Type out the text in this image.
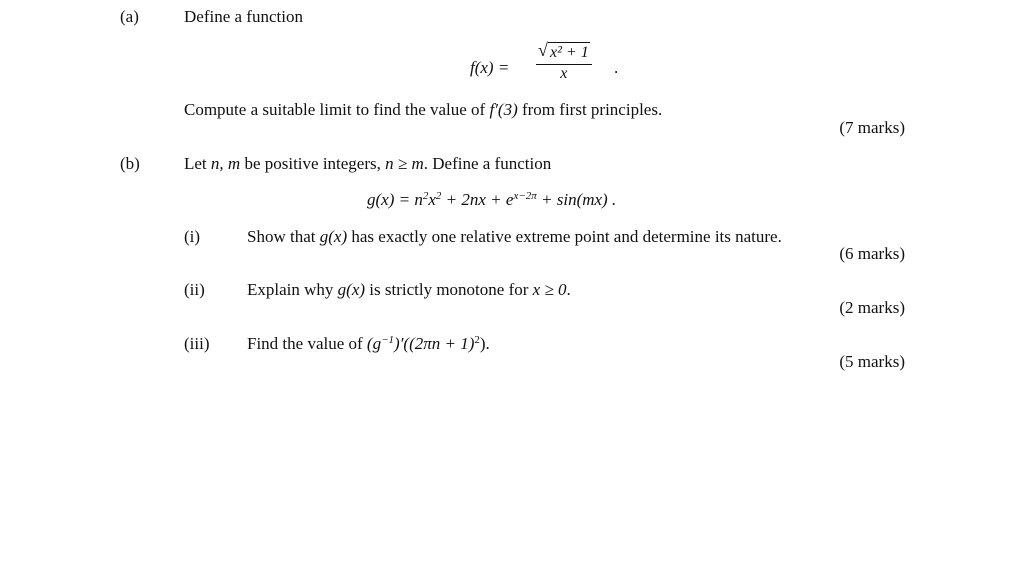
(a)	Define a function
$f(x) = \frac{\text{√ x² + 1}}{x}$ .
Compute a suitable limit to find the value of f′(3) from first principles.
(7 marks)
(b)	Let n, m be positive integers, n ≥ m. Define a function
$g(x) = n^2x^2 + 2nx + e^{x-2\pi} + \sin(mx)$ .
(i)	Show that g(x) has exactly one relative extreme point and determine its nature.
(6 marks)
(ii) Explain why g(x) is strictly monotone for x ≥ 0.
(2 marks)
(iii) Find the value of $(g^{-1})'((2\pi n + 1)^2)$.
(5 marks)
